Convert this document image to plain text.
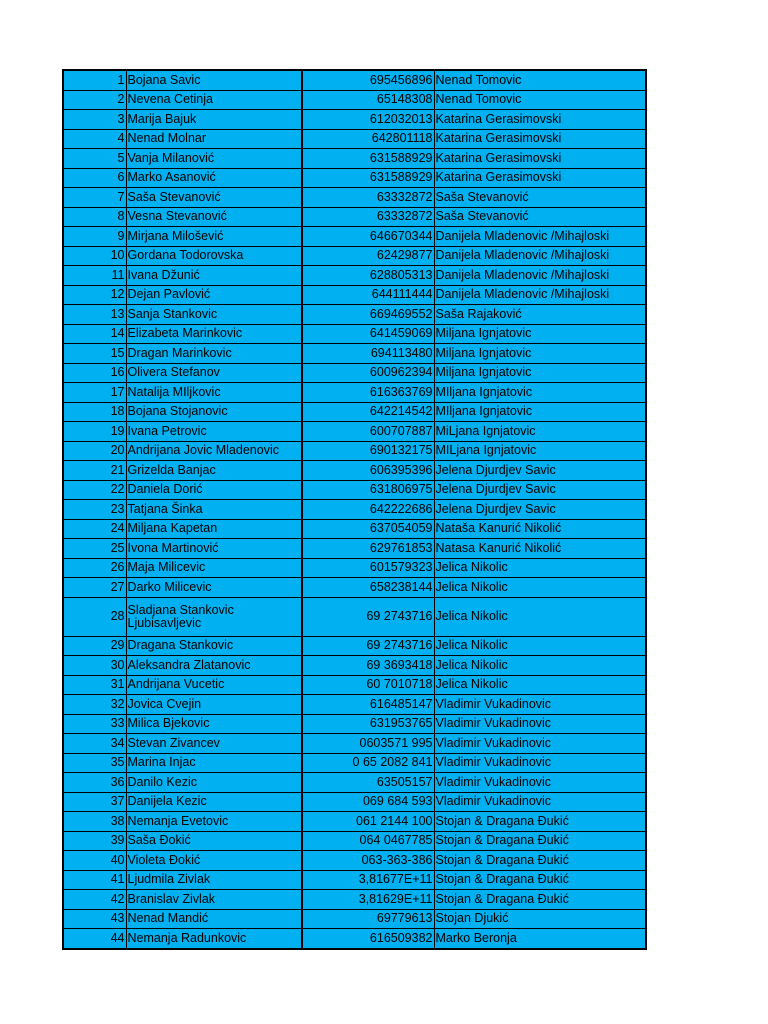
1	Bojana Savic	695456896	Nenad Tomovic
2	Nevena Cetinja	65148308	Nenad Tomovic
3	Marija Bajuk	612032013	Katarina Gerasimovski
4	Nenad Molnar	642801118	Katarina Gerasimovski
5	Vanja Milanović	631588929	Katarina Gerasimovski
6	Marko Asanović	631588929	Katarina Gerasimovski
7	Saša Stevanović	63332872	Saša Stevanović
8	Vesna Stevanović	63332872	Saša Stevanović
9	Mirjana Milošević	646670344	Danijela Mladenovic /Mihajloski
10	Gordana Todorovska	62429877	Danijela Mladenovic /Mihajloski
11	Ivana Džunić	628805313	Danijela Mladenovic /Mihajloski
12	Dejan Pavlović	644111444	Danijela Mladenovic /Mihajloski
13	Sanja Stankovic	669469552	Saša Rajaković
14	Elizabeta Marinkovic	641459069	Miljana Ignjatovic
15	Dragan Marinkovic	694113480	Miljana Ignjatovic
16	Olivera Stefanov	600962394	Miljana Ignjatovic
17	Natalija MIljkovic	616363769	MIljana Ignjatovic
18	Bojana Stojanovic	642214542	MIljana Ignjatovic
19	Ivana Petrovic	600707887	MiLjana Ignjatovic
20	Andrijana Jovic Mladenovic	690132175	MILjana Ignjatovic
21	Grizelda Banjac	606395396	Jelena Djurdjev Savic
22	Daniela Dorić	631806975	Jelena Djurdjev Savic
23	Tatjana Šinka	642222686	Jelena Djurdjev Savic
24	Miljana Kapetan	637054059	Nataša Kanurić Nikolić
25	Ivona Martinović	629761853	Natasa Kanurić Nikolić
26	Maja Milicevic	601579323	Jelica Nikolic
27	Darko Milicevic	658238144	Jelica Nikolic
28	Sladjana Stankovic Ljubisavljevic	69 2743716	Jelica Nikolic
29	Dragana Stankovic	69 2743716	Jelica Nikolic
30	Aleksandra Zlatanovic	69 3693418	Jelica Nikolic
31	Andrijana Vucetic	60 7010718	Jelica Nikolic
32	Jovica Cvejin	616485147	Vladimir Vukadinovic
33	Milica Bjekovic	631953765	Vladimir Vukadinovic
34	Stevan Zivancev	0603571 995	Vladimir Vukadinovic
35	Marina Injac	0 65 2082 841	Vladimir Vukadinovic
36	Danilo Kezic	63505157	Vladimir Vukadinovic
37	Danijela Kezic	069 684 593	Vladimir Vukadinovic
38	Nemanja Evetovic	061 2144 100	Stojan & Dragana Đukić
39	Saša Đokić	064 0467785	Stojan & Dragana Đukić
40	Violeta Đokić	063-363-386	Stojan & Dragana Đukić
41	Ljudmila Zivlak	3,81677E+11	Stojan & Dragana Đukić
42	Branislav Zivlak	3,81629E+11	Stojan & Dragana Đukić
43	Nenad Mandić	69779613	Stojan Djukić
44	Nemanja Radunkovic	616509382	Marko Beronja
